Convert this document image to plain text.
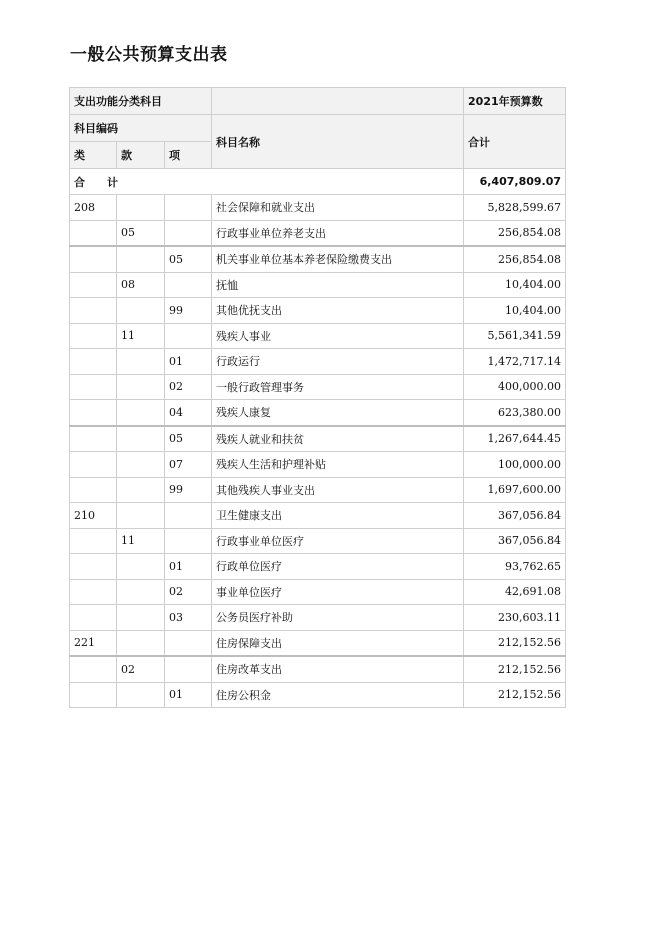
一般公共预算支出表
支出功能分类科目				2021年预算数
科目编码			科目名称	合计
类	款	项		
合 计				6,407,809.07
208			社会保障和就业支出	5,828,599.67
	05		行政事业单位养老支出	256,854.08
		05	机关事业单位基本养老保险缴费支出	256,854.08
	08		抚恤	10,404.00
		99	其他优抚支出	10,404.00
	11		残疾人事业	5,561,341.59
		01	行政运行	1,472,717.14
		02	一般行政管理事务	400,000.00
		04	残疾人康复	623,380.00
		05	残疾人就业和扶贫	1,267,644.45
		07	残疾人生活和护理补贴	100,000.00
		99	其他残疾人事业支出	1,697,600.00
210			卫生健康支出	367,056.84
	11		行政事业单位医疗	367,056.84
		01	行政单位医疗	93,762.65
		02	事业单位医疗	42,691.08
		03	公务员医疗补助	230,603.11
221			住房保障支出	212,152.56
	02		住房改革支出	212,152.56
		01	住房公积金	212,152.56
